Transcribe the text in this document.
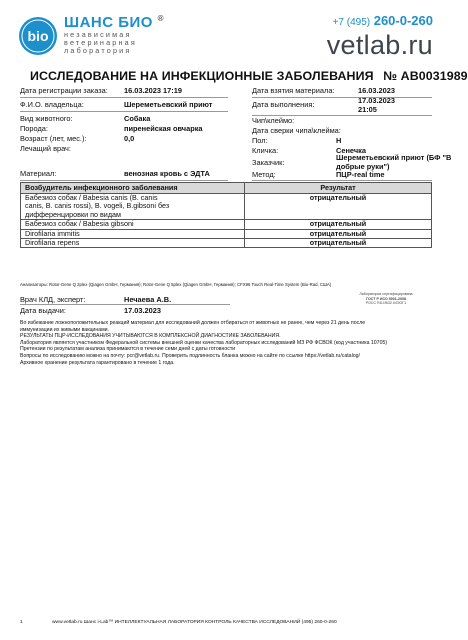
bio
ШАНС БИО ®
независимая
ветеринарная
лаборатория
+7 (495) 260-0-260
vetlab.ru
ИССЛЕДОВАНИЕ НА ИНФЕКЦИОННЫЕ ЗАБОЛЕВАНИЯ № AB0031989
Дата регистрации заказа: 16.03.2023 17:19
Ф.И.О. владельца:	Шереметьевский приют
Вид животного:	Собака
Порода:	пиренейская овчарка
Возраст (лет, мес.):	0,0
Лечащий врач:
Материал:	венозная кровь с ЭДТА
Дата взятия материала:	16.03.2023
Дата выполнения:	17.03.2023
21:05
Чип\клеймо:
Дата сверки чипа\клейма:
Пол:	Н
Кличка:	Сенечка
Заказчик:
Шереметьевский приют (БФ "В
добрые руки")
Метод:	ПЦР-real time
Возбудитель инфекционного заболевания	Результат

Бабезиоз собак / Babesia canis (B. canis
canis, B. canis rossi), B. vogeli, B.gibsoni без
дифференцировки по видам	отрицательный
Бабезиоз собак / Babesia gibsoni	отрицательный
Dirofilaria immitis	отрицательный
Dirofilaria repens	отрицательный
Анализаторы: Rotor-Gene Q 2plex (Qiagen GmbH, Германия); Rotor-Gene Q 5plex (Qiagen GmbH, Германия); CFX96 Touch Real-Time System (Bio-Rad, США)
Врач КЛД, эксперт:	Нечаева А.В.
Дата выдачи:	17.03.2023
Лаборатория сертифицирована
ГОСТ Р ИСО 9001-2008
РОСС RU.И632.04ЭОГ1
Во избежание ложноположительных реакций материал для исследований должен отбираться от животных не ранее, чем через 21 день после
иммунизации их живыми вакцинами.
РЕЗУЛЬТАТЫ ПЦР-ИССЛЕДОВАНИЯ УЧИТЫВАЮТСЯ В КОМПЛЕКСНОЙ ДИАГНОСТИКЕ ЗАБОЛЕВАНИЯ.
Лаборатория является участником Федеральной системы внешней оценки качества лабораторных исследований МЗ РФ ФСВОК (код участника 10705)
Претензии по результатам анализа принимаются в течение семи дней с даты готовности
Вопросы по исследованию можно на почту: pcr@vetlab.ru. Проверить подлинность бланка можно на сайте по ссылке https://vetlab.ru/catalog/
Архивное хранение результата гарантировано в течение 1 года.
1	www.vetlab.ru Шанс i-Lab™ ИНТЕЛЛЕКТУАЛЬНАЯ ЛАБОРАТОРИЯ КОНТРОЛЬ КАЧЕСТВА ИССЛЕДОВАНИЙ (495) 260-0-260
